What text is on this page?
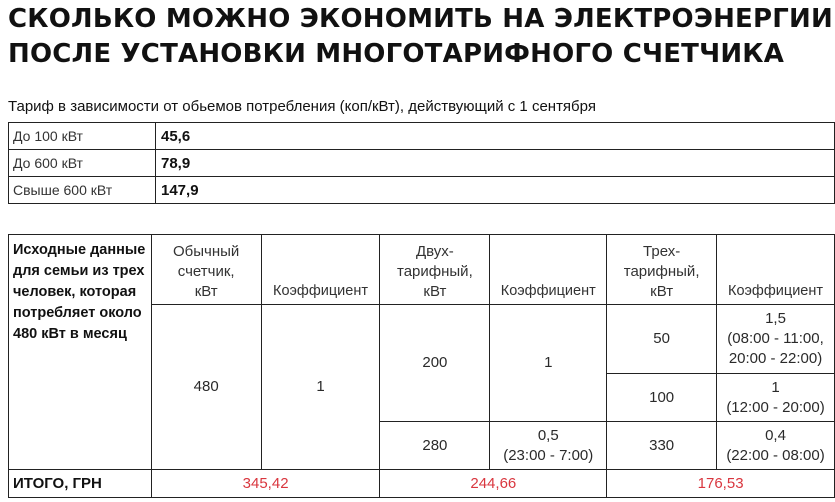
СКОЛЬКО МОЖНО ЭКОНОМИТЬ НА ЭЛЕКТРОЭНЕРГИИ
ПОСЛЕ УСТАНОВКИ МНОГОТАРИФНОГО СЧЕТЧИКА
Тариф в зависимости от обьемов потребления (коп/кВт), действующий с 1 сентября
До 100 кВт	45,6
До 600 кВт	78,9
Свыше 600 кВт	147,9
Исходные данные для семьи из трех человек, которая потребляет около 480 кВт в месяц	Обычный
счетчик,
кВт	Коэффициент	Двух-
тарифный,
кВт	Коэффициент	Трех-
тарифный,
кВт	Коэффициент
	480	1	200	1	50	1,5
(08:00 - 11:00,
20:00 - 22:00)
					100	1
(12:00 - 20:00)
			280	0,5
(23:00 - 7:00)	330	0,4
(22:00 - 08:00)
ИТОГО, ГРН	345,42		244,66		176,53	
